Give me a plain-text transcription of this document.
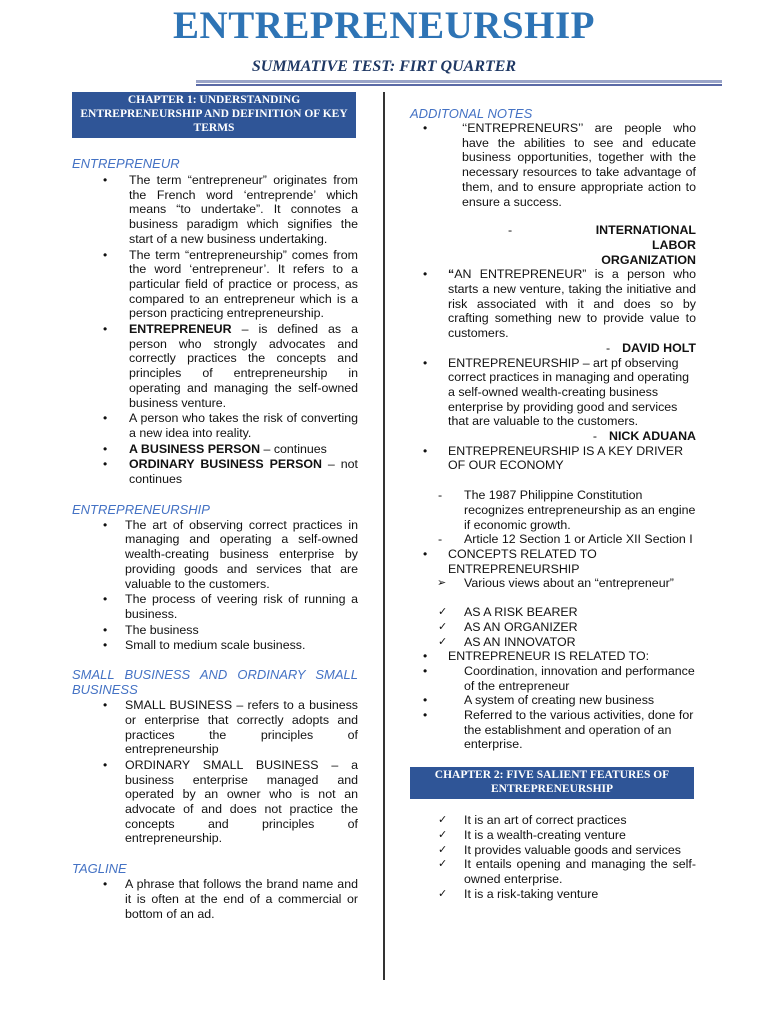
ENTREPRENEURSHIP
SUMMATIVE TEST: FIRT QUARTER
CHAPTER 1: UNDERSTANDING ENTREPRENEURSHIP AND DEFINITION OF KEY TERMS
ENTREPRENEUR
• The term “entrepreneur” originates from the French word ‘entreprende’ which means “to undertake”. It connotes a business paradigm which signifies the start of a new business undertaking.
• The term “entrepreneurship” comes from the word ‘entrepreneur’. It refers to a particular field of practice or process, as compared to an entrepreneur which is a person practicing entrepreneurship.
• ENTREPRENEUR – is defined as a person who strongly advocates and correctly practices the concepts and principles of entrepreneurship in operating and managing the self-owned business venture.
• A person who takes the risk of converting a new idea into reality.
• A BUSINESS PERSON – continues
• ORDINARY BUSINESS PERSON – not continues
ENTREPRENEURSHIP
• The art of observing correct practices in managing and operating a self-owned wealth-creating business enterprise by providing goods and services that are valuable to the customers.
• The process of veering risk of running a business.
• The business
• Small to medium scale business.
SMALL BUSINESS AND ORDINARY SMALL BUSINESS
• SMALL BUSINESS – refers to a business or enterprise that correctly adopts and practices the principles of entrepreneurship
• ORDINARY SMALL BUSINESS – a business enterprise managed and operated by an owner who is not an advocate of and does not practice the concepts and principles of entrepreneurship.
TAGLINE
• A phrase that follows the brand name and it is often at the end of a commercial or bottom of an ad.
ADDITONAL NOTES
• ‘‘ENTREPRENEURS’’ are people who have the abilities to see and educate business opportunities, together with the necessary resources to take advantage of them, and to ensure appropriate action to ensure a success.
-	INTERNATIONAL LABOR ORGANIZATION
• “AN ENTREPRENEUR” is a person who starts a new venture, taking the initiative and risk associated with it and does so by crafting something new to provide value to customers.
- DAVID HOLT
• ENTREPRENEURSHIP – art pf observing correct practices in managing and operating a self-owned wealth-creating business enterprise by providing good and services that are valuable to the customers.
- NICK ADUANA
• ENTREPRENEURSHIP IS A KEY DRIVER OF OUR ECONOMY
- The 1987 Philippine Constitution recognizes entrepreneurship as an engine if economic growth.
- Article 12 Section 1 or Article XII Section I
• CONCEPTS RELATED TO ENTREPRENEURSHIP
➢ Various views about an “entrepreneur”
✓ AS A RISK BEARER
✓ AS AN ORGANIZER
✓ AS AN INNOVATOR
• ENTREPRENEUR IS RELATED TO:
• Coordination, innovation and performance of the entrepreneur
• A system of creating new business
• Referred to the various activities, done for the establishment and operation of an enterprise.
CHAPTER 2: FIVE SALIENT FEATURES OF ENTREPRENEURSHIP
✓ It is an art of correct practices
✓ It is a wealth-creating venture
✓ It provides valuable goods and services
✓ It entails opening and managing the self-owned enterprise.
✓ It is a risk-taking venture
